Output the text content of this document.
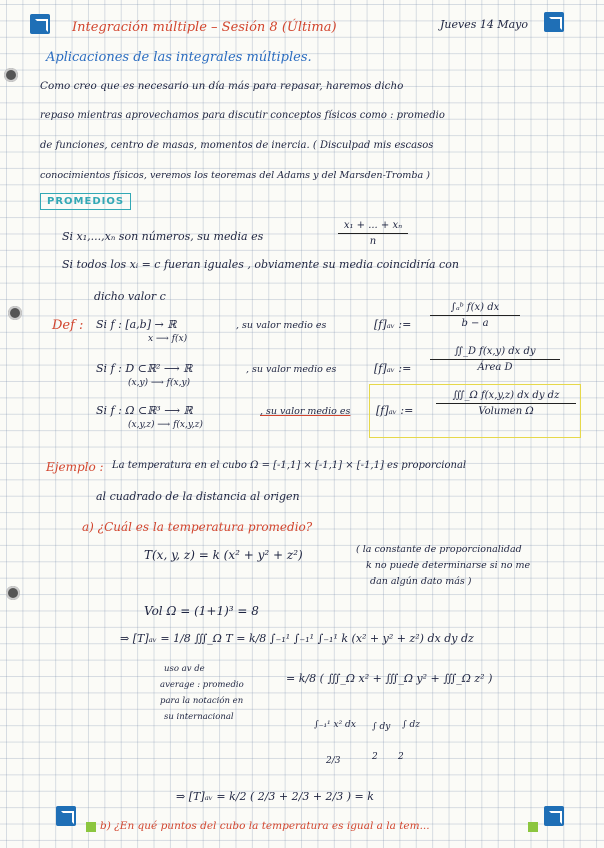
Integración múltiple – Sesión 8 (Última)	Jueves 14 Mayo
Aplicaciones de las integrales múltiples.
Como creo que es necesario un día más para repasar, haremos dicho
repaso mientras aprovechamos para discutir conceptos físicos como : promedio
de funciones, centro de masas, momentos de inercia. ( Disculpad mis escasos
conocimientos físicos, veremos los teoremas del Adams y del Marsden-Tromba )
PROMEDIOS
Si x₁,...,xₙ son números, su media es
x₁ + ... + xₙ
n
Si todos los xᵢ = c fueran iguales , obviamente su media coincidiría con
dicho valor c
Def : Si f : [a,b] → ℝ
x ⟶ f(x)
, su valor medio es	[f]ₐᵥ :=
∫ₐᵇ f(x) dx
b − a
Si f : D ⊂ℝ² ⟶ ℝ
(x,y) ⟶ f(x,y)
, su valor medio es	[f]ₐᵥ :=
∬_D f(x,y) dx dy
Área D
Si f : Ω ⊂ℝ³ ⟶ ℝ
(x,y,z) ⟶ f(x,y,z)
, su valor medio es [f]ₐᵥ :=
∭_Ω f(x,y,z) dx dy dz
Volumen Ω
Ejemplo : La temperatura en el cubo Ω = [-1,1] × [-1,1] × [-1,1] es proporcional
al cuadrado de la distancia al origen
a) ¿Cuál es la temperatura promedio?
T(x, y, z) = k (x² + y² + z²)	( la constante de proporcionalidad
k no puede determinarse si no me
dan algún dato más )
Vol Ω = (1+1)³ = 8
⇒ [T]ₐᵥ = 1/8 ∭_Ω T = k/8 ∫₋₁¹ ∫₋₁¹ ∫₋₁¹ k (x² + y² + z²) dx dy dz
uso av de
average : promedio
para la notación en
su internacional
= k/8 ( ∭_Ω x² + ∭_Ω y² + ∭_Ω z² )
∫₋₁¹ x² dx ∫ dy ∫ dz
2 2
2/3
⇒ [T]ₐᵥ = k/2 ( 2/3 + 2/3 + 2/3 ) = k
b) ¿En qué puntos del cubo la temperatura es igual a la tem...
